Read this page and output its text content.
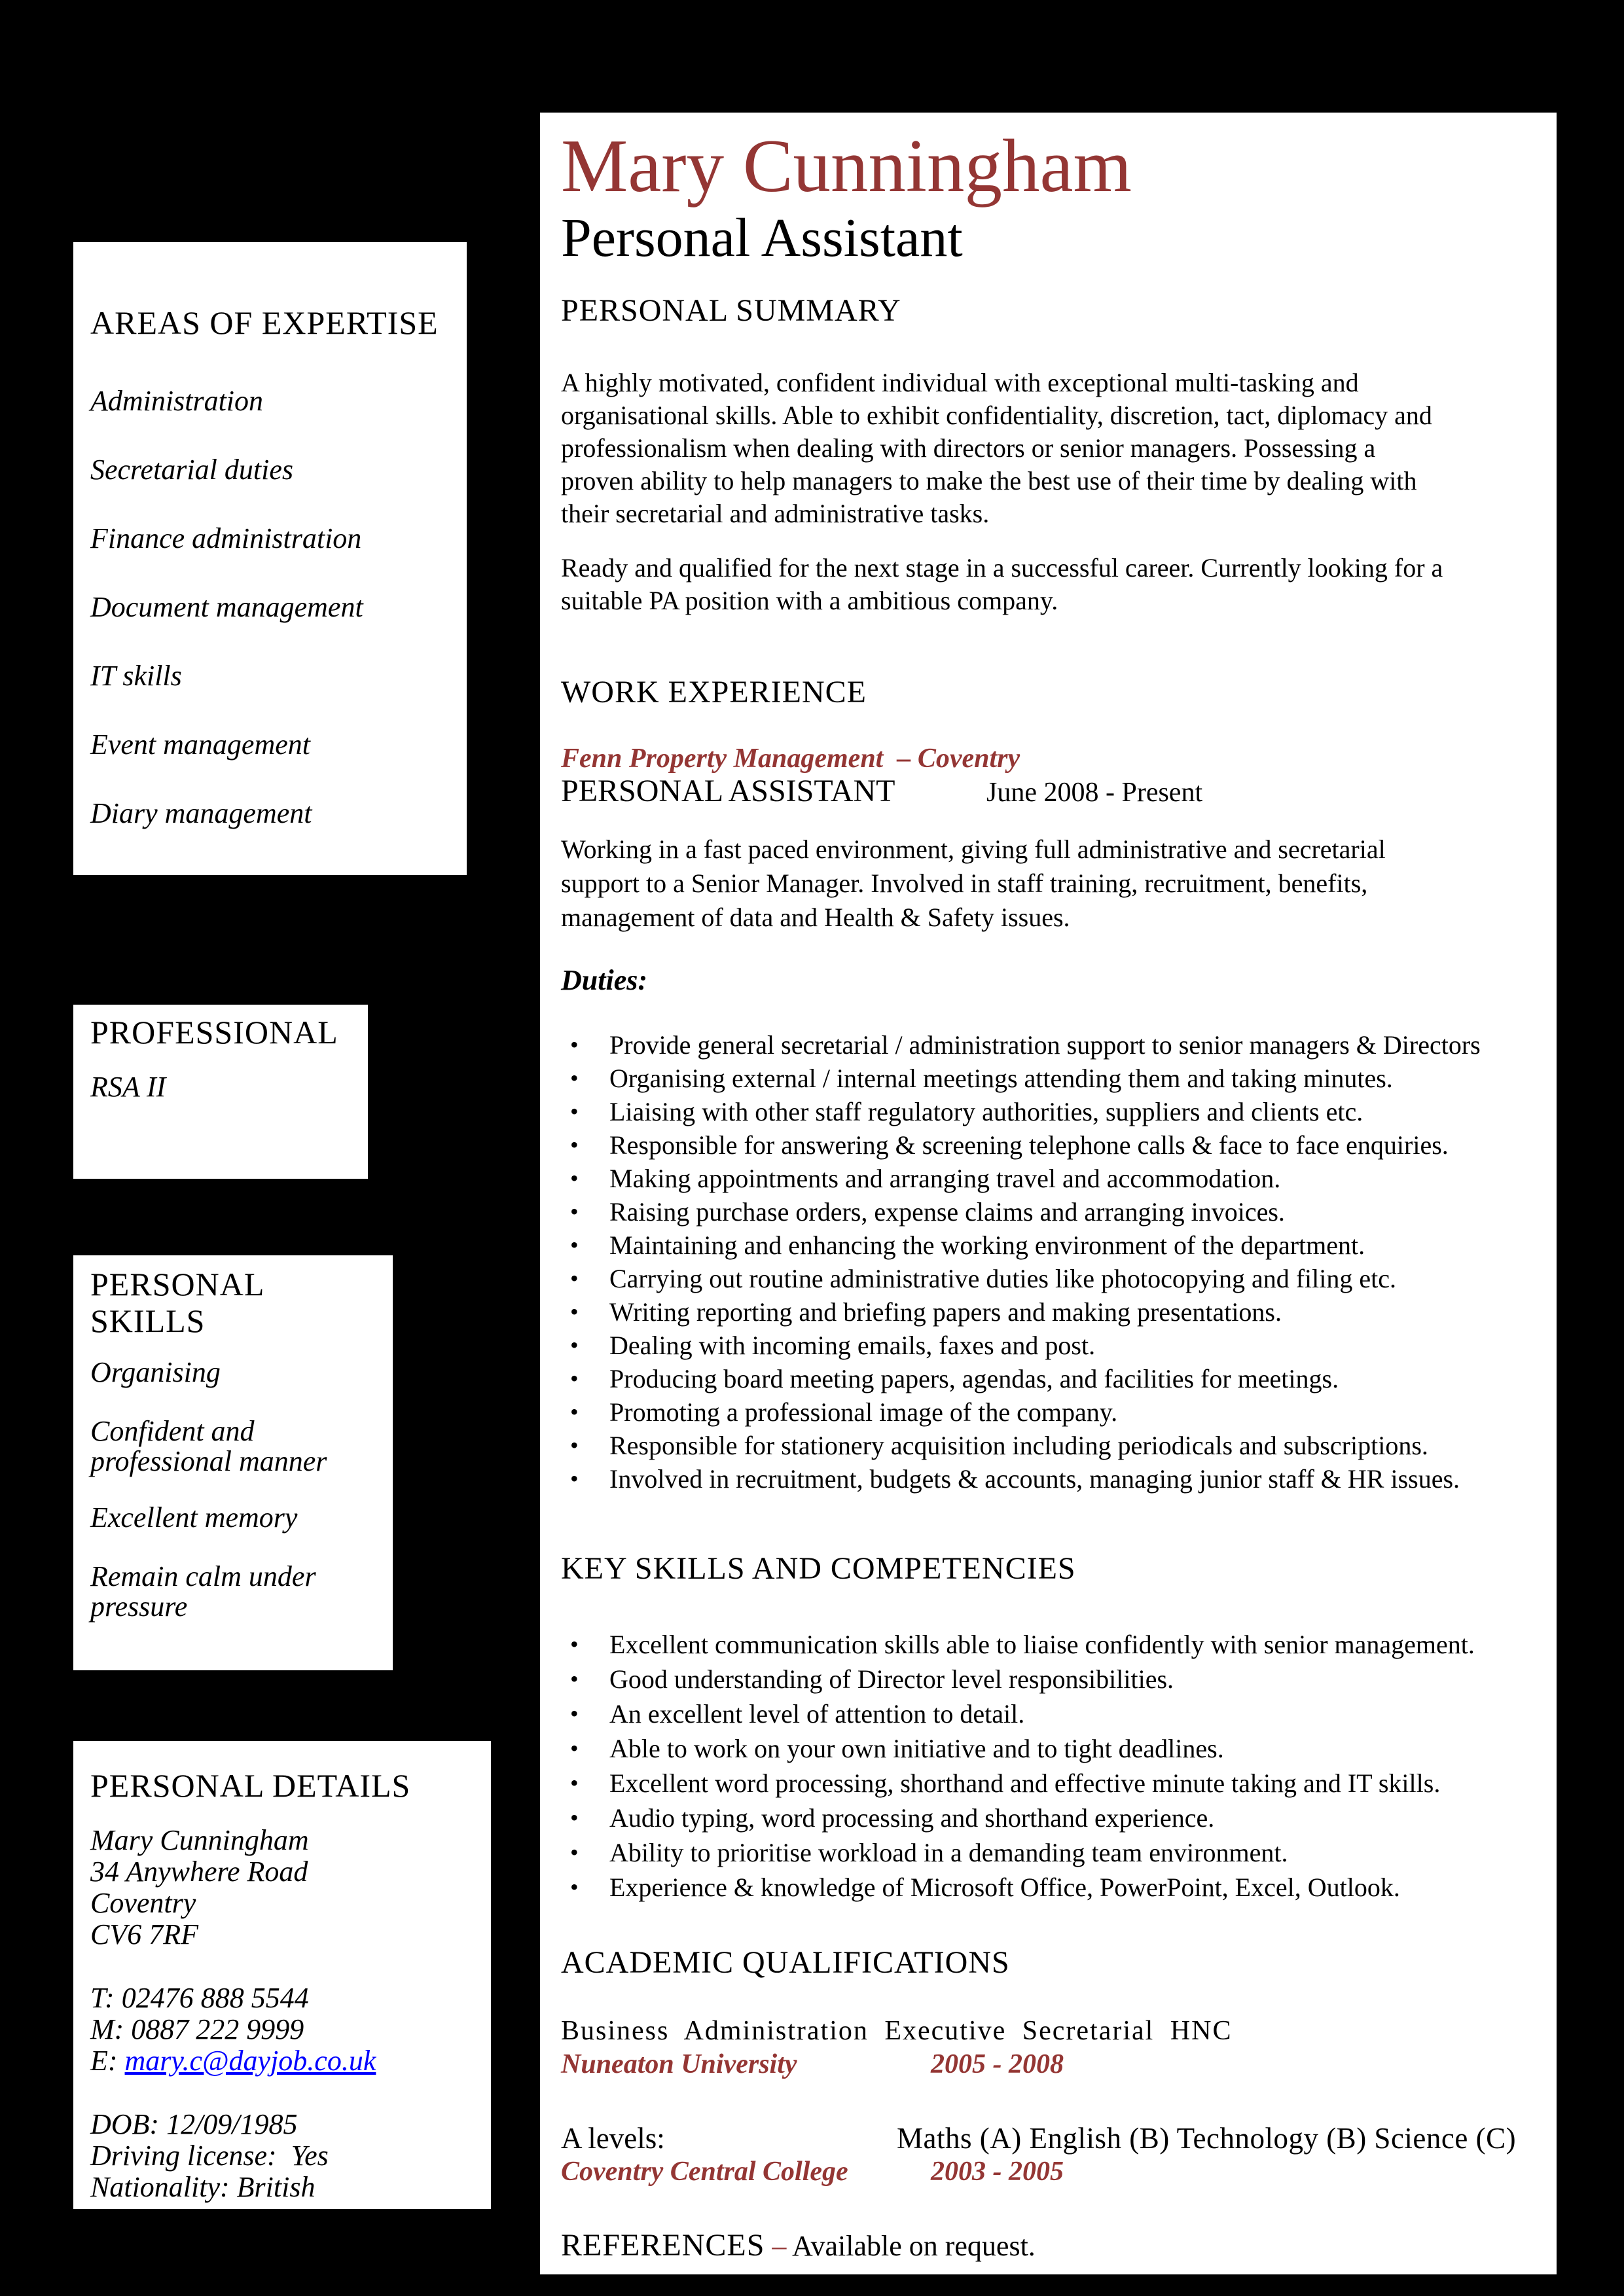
AREAS OF EXPERTISE
Administration
Secretarial duties
Finance administration
Document management
IT skills
Event management
Diary management
PROFESSIONAL
RSA II
PERSONAL SKILLS
Organising
Confident and
professional manner
Excellent memory
Remain calm under
pressure
PERSONAL DETAILS
Mary Cunningham
34 Anywhere Road
Coventry
CV6 7RF
T: 02476 888 5544
M: 0887 222 9999
E: mary.c@dayjob.co.uk
DOB: 12/09/1985
Driving license:  Yes
Nationality: British
Mary Cunningham
Personal Assistant
PERSONAL SUMMARY
A highly motivated, confident individual with exceptional multi-tasking and
organisational skills. Able to exhibit confidentiality, discretion, tact, diplomacy and
professionalism when dealing with directors or senior managers. Possessing a
proven ability to help managers to make the best use of their time by dealing with
their secretarial and administrative tasks.
Ready and qualified for the next stage in a successful career. Currently looking for a
suitable PA position with a ambitious company.
WORK EXPERIENCE
Fenn Property Management  – Coventry
PERSONAL ASSISTANT	June 2008 - Present
Working in a fast paced environment, giving full administrative and secretarial
support to a Senior Manager. Involved in staff training, recruitment, benefits,
management of data and Health & Safety issues.
Duties:
• Provide general secretarial / administration support to senior managers & Directors
• Organising external / internal meetings attending them and taking minutes.
• Liaising with other staff regulatory authorities, suppliers and clients etc.
• Responsible for answering & screening telephone calls & face to face enquiries.
• Making appointments and arranging travel and accommodation.
• Raising purchase orders, expense claims and arranging invoices.
• Maintaining and enhancing the working environment of the department.
• Carrying out routine administrative duties like photocopying and filing etc.
• Writing reporting and briefing papers and making presentations.
• Dealing with incoming emails, faxes and post.
• Producing board meeting papers, agendas, and facilities for meetings.
• Promoting a professional image of the company.
• Responsible for stationery acquisition including periodicals and subscriptions.
• Involved in recruitment, budgets & accounts, managing junior staff & HR issues.
KEY SKILLS AND COMPETENCIES
• Excellent communication skills able to liaise confidently with senior management.
• Good understanding of Director level responsibilities.
• An excellent level of attention to detail.
• Able to work on your own initiative and to tight deadlines.
• Excellent word processing, shorthand and effective minute taking and IT skills.
• Audio typing, word processing and shorthand experience.
• Ability to prioritise workload in a demanding team environment.
• Experience & knowledge of Microsoft Office, PowerPoint, Excel, Outlook.
ACADEMIC QUALIFICATIONS
Business Administration Executive Secretarial HNC
Nuneaton University	2005 - 2008
A levels:	Maths (A) English (B) Technology (B) Science (C)
Coventry Central College	2003 - 2005
REFERENCES – Available on request.
